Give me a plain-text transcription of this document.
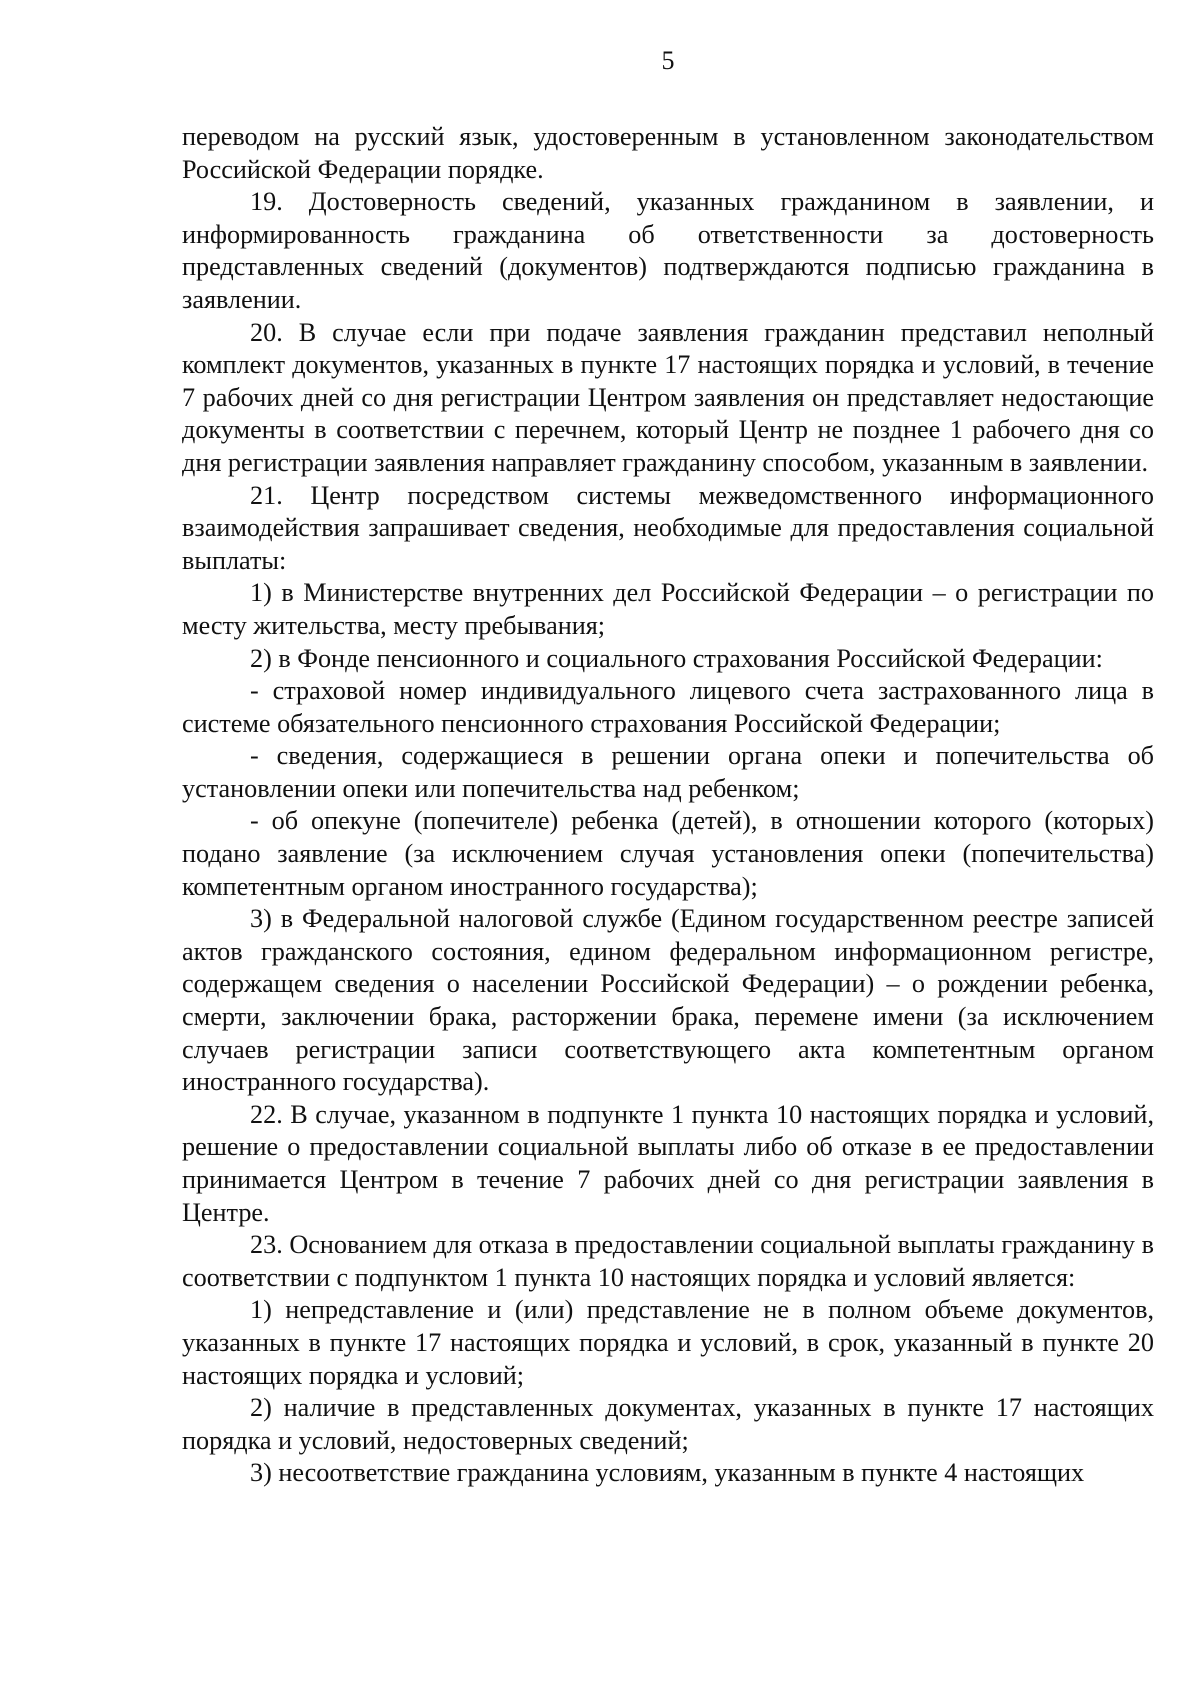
5

переводом на русский язык, удостоверенным в установленном законодательством Российской Федерации порядке.

19. Достоверность сведений, указанных гражданином в заявлении, и информированность гражданина об ответственности за достоверность представленных сведений (документов) подтверждаются подписью гражданина в заявлении.

20. В случае если при подаче заявления гражданин представил неполный комплект документов, указанных в пункте 17 настоящих порядка и условий, в течение 7 рабочих дней со дня регистрации Центром заявления он представляет недостающие документы в соответствии с перечнем, который Центр не позднее 1 рабочего дня со дня регистрации заявления направляет гражданину способом, указанным в заявлении.

21. Центр посредством системы межведомственного информационного взаимодействия запрашивает сведения, необходимые для предоставления социальной выплаты:

1) в Министерстве внутренних дел Российской Федерации – о регистрации по месту жительства, месту пребывания;

2) в Фонде пенсионного и социального страхования Российской Федерации:

- страховой номер индивидуального лицевого счета застрахованного лица в системе обязательного пенсионного страхования Российской Федерации;

- сведения, содержащиеся в решении органа опеки и попечительства об установлении опеки или попечительства над ребенком;

- об опекуне (попечителе) ребенка (детей), в отношении которого (которых) подано заявление (за исключением случая установления опеки (попечительства) компетентным органом иностранного государства);

3) в Федеральной налоговой службе (Едином государственном реестре записей актов гражданского состояния, едином федеральном информационном регистре, содержащем сведения о населении Российской Федерации) – о рождении ребенка, смерти, заключении брака, расторжении брака, перемене имени (за исключением случаев регистрации записи соответствующего акта компетентным органом иностранного государства).

22. В случае, указанном в подпункте 1 пункта 10 настоящих порядка и условий, решение о предоставлении социальной выплаты либо об отказе в ее предоставлении принимается Центром в течение 7 рабочих дней со дня регистрации заявления в Центре.

23. Основанием для отказа в предоставлении социальной выплаты гражданину в соответствии с подпунктом 1 пункта 10 настоящих порядка и условий является:

1) непредставление и (или) представление не в полном объеме документов, указанных в пункте 17 настоящих порядка и условий, в срок, указанный в пункте 20 настоящих порядка и условий;

2) наличие в представленных документах, указанных в пункте 17 настоящих порядка и условий, недостоверных сведений;

3) несоответствие гражданина условиям, указанным в пункте 4 настоящих
